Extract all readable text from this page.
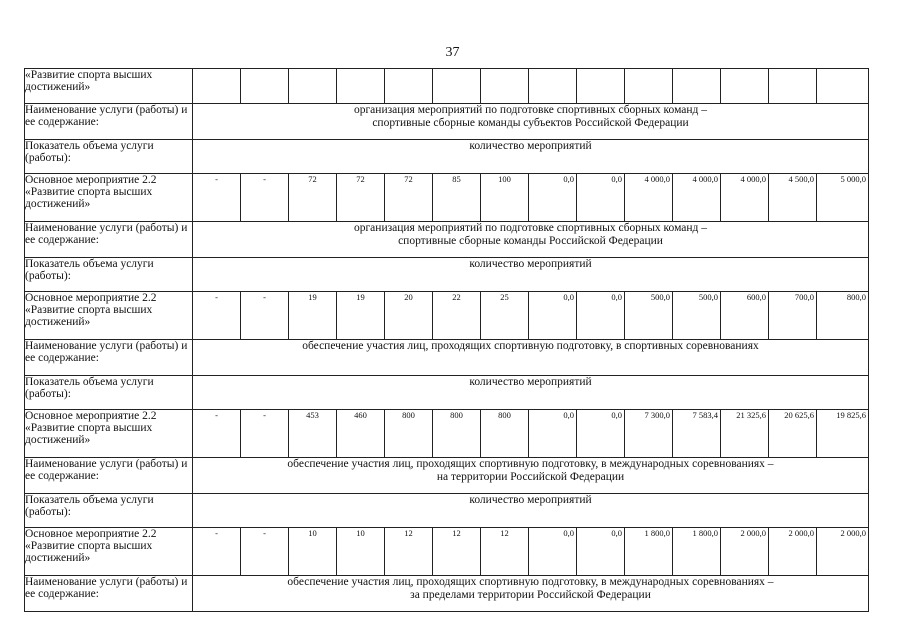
37
«Развитие спорта высших достижений»														
Наименование услуги (работы) и ее содержание:	организация мероприятий по подготовке спортивных сборных команд –
спортивные сборные команды субъектов Российской Федерации													

Показатель объема услуги (работы):	количество мероприятий													
Основное мероприятие 2.2 «Развитие спорта высших достижений»	-	-	72	72	72	85	100	0,0	0,0	4 000,0	4 000,0	4 000,0	4 500,0	5 000,0
Наименование услуги (работы) и ее содержание:	организация мероприятий по подготовке спортивных сборных команд –
спортивные сборные команды Российской Федерации													

Показатель объема услуги (работы):	количество мероприятий													
Основное мероприятие 2.2 «Развитие спорта высших достижений»	-	-	19	19	20	22	25	0,0	0,0	500,0	500,0	600,0	700,0	800,0
Наименование услуги (работы) и ее содержание:	обеспечение участия лиц, проходящих спортивную подготовку, в спортивных соревнованиях													

Показатель объема услуги (работы):	количество мероприятий													
Основное мероприятие 2.2 «Развитие спорта высших достижений»	-	-	453	460	800	800	800	0,0	0,0	7 300,0	7 583,4	21 325,6	20 625,6	19 825,6
Наименование услуги (работы) и ее содержание:	обеспечение участия лиц, проходящих спортивную подготовку, в международных соревнованиях –
на территории Российской Федерации													

Показатель объема услуги (работы):	количество мероприятий													
Основное мероприятие 2.2 «Развитие спорта высших достижений»	-	-	10	10	12	12	12	0,0	0,0	1 800,0	1 800,0	2 000,0	2 000,0	2 000,0
Наименование услуги (работы) и ее содержание:	обеспечение участия лиц, проходящих спортивную подготовку, в международных соревнованиях –
за пределами территории Российской Федерации													
